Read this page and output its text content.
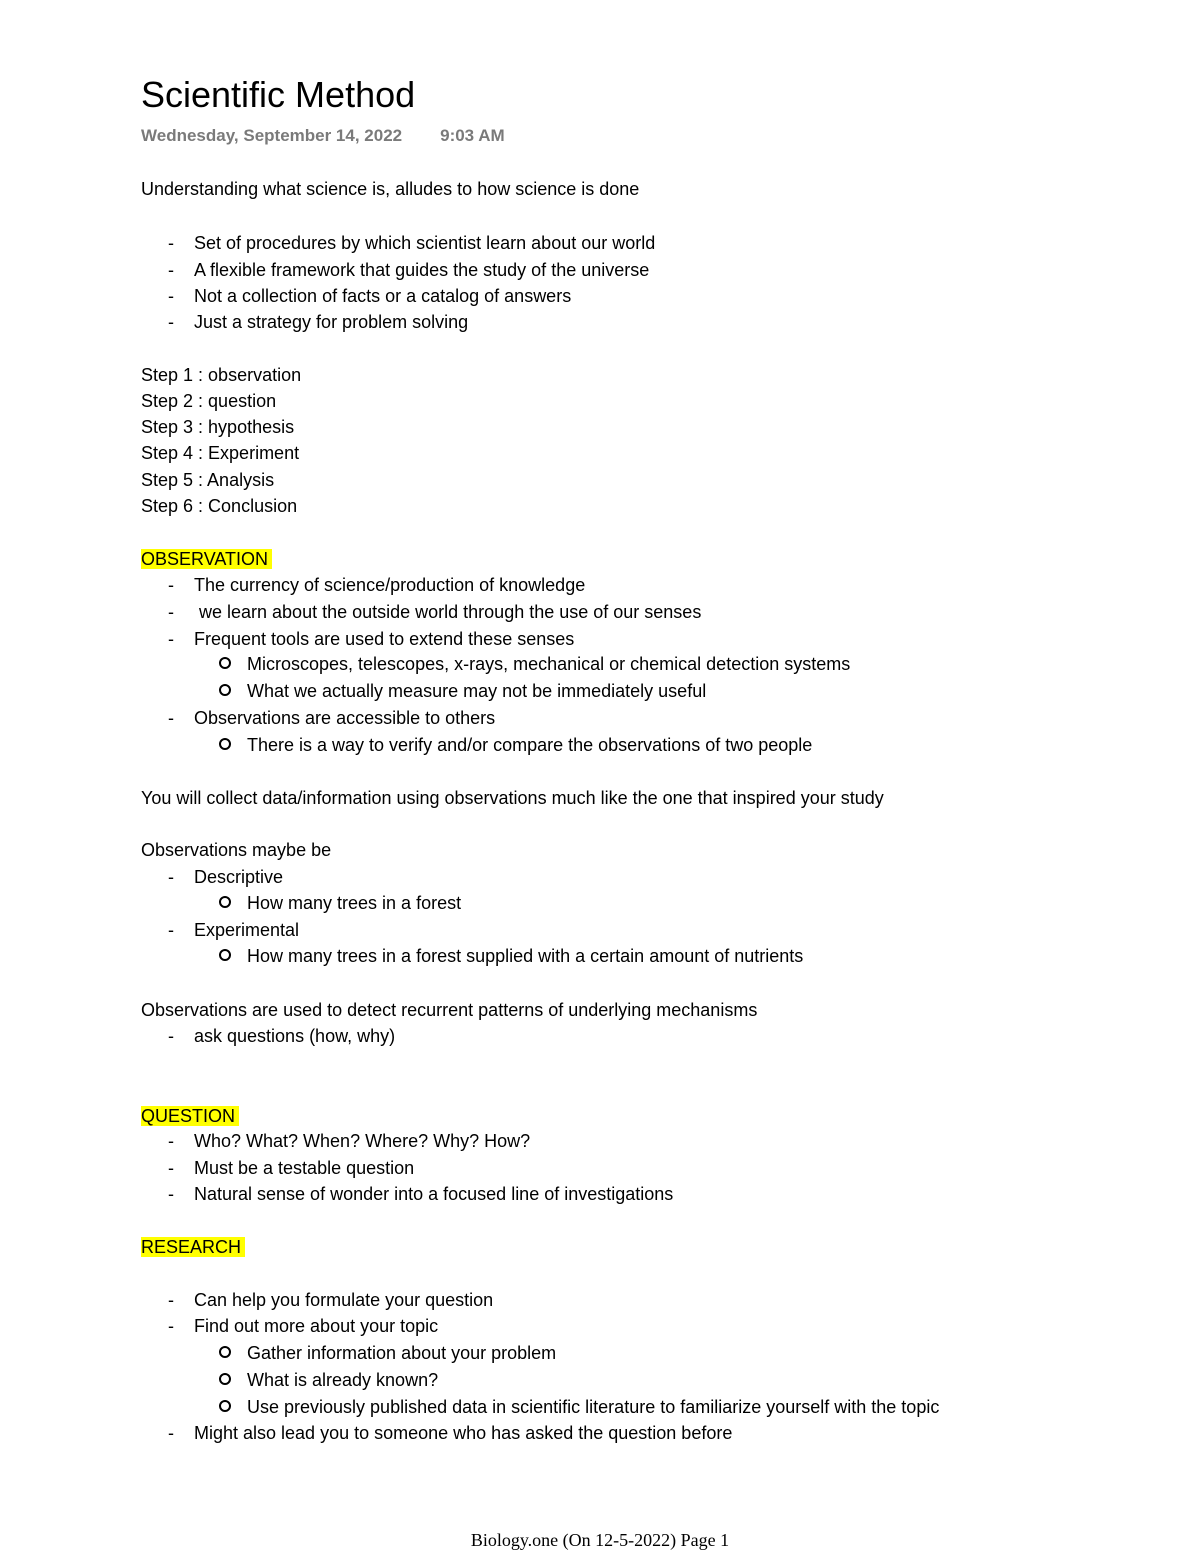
Scientific Method
Wednesday, September 14, 2022 9:03 AM
Understanding what science is, alludes to how science is done
- Set of procedures by which scientist learn about our world
- A flexible framework that guides the study of the universe
- Not a collection of facts or a catalog of answers
- Just a strategy for problem solving
Step 1 : observation
Step 2 : question
Step 3 : hypothesis
Step 4 : Experiment
Step 5 : Analysis
Step 6 : Conclusion
OBSERVATION
- The currency of science/production of knowledge
- we learn about the outside world through the use of our senses
- Frequent tools are used to extend these senses
Microscopes, telescopes, x-rays, mechanical or chemical detection systems
What we actually measure may not be immediately useful
- Observations are accessible to others
There is a way to verify and/or compare the observations of two people
You will collect data/information using observations much like the one that inspired your study
Observations maybe be
- Descriptive
How many trees in a forest
- Experimental
How many trees in a forest supplied with a certain amount of nutrients
Observations are used to detect recurrent patterns of underlying mechanisms
- ask questions (how, why)
QUESTION
- Who? What? When? Where? Why? How?
- Must be a testable question
- Natural sense of wonder into a focused line of investigations
RESEARCH
- Can help you formulate your question
- Find out more about your topic
Gather information about your problem
What is already known?
Use previously published data in scientific literature to familiarize yourself with the topic
- Might also lead you to someone who has asked the question before
Biology.one (On 12-5-2022) Page 1
